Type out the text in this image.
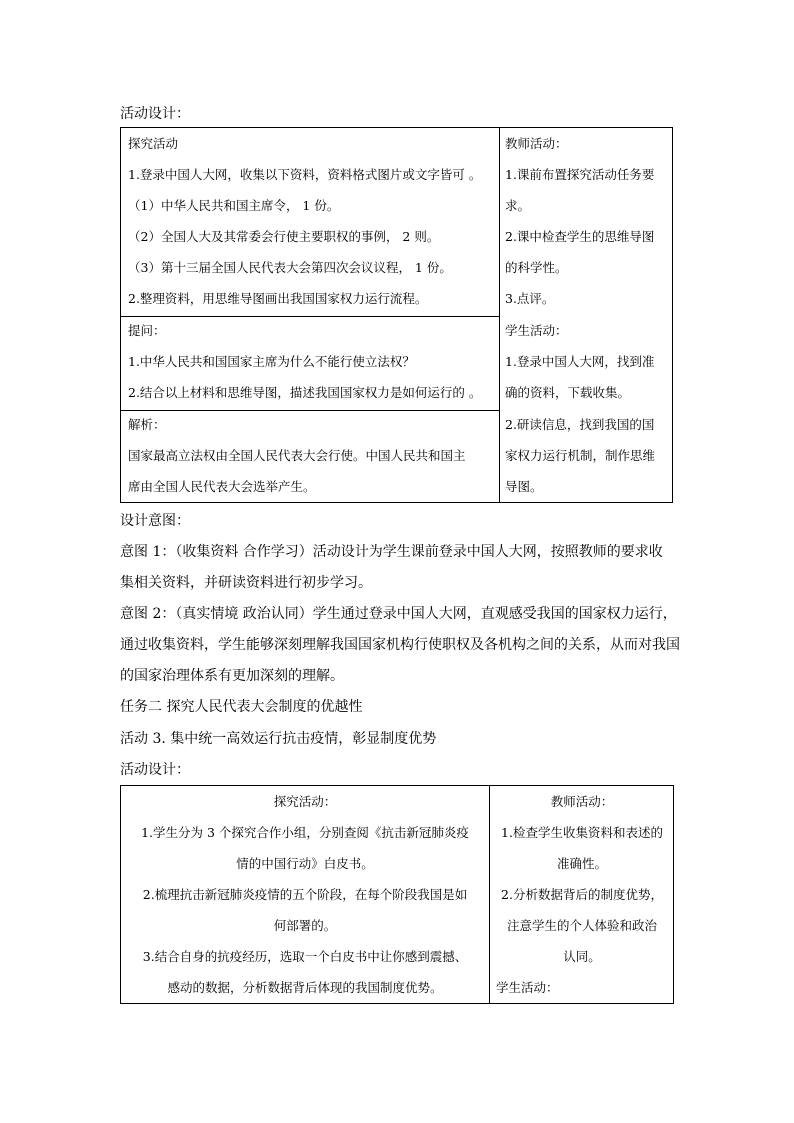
活动设计：
探究活动
1.登录中国人大网，收集以下资料，资料格式图片或文字皆可 。
（1）中华人民共和国主席令， 1 份。
（2）全国人大及其常委会行使主要职权的事例， 2 则。
（3）第十三届全国人民代表大会第四次会议议程， 1 份。
2.整理资料，用思维导图画出我国国家权力运行流程。
提问：
1.中华人民共和国国家主席为什么不能行使立法权？
2.结合以上材料和思维导图，描述我国国家权力是如何运行的 。
解析：
国家最高立法权由全国人民代表大会行使。中国人民共和国主
席由全国人民代表大会选举产生。
教师活动：
1.课前布置探究活动任务要
求。
2.课中检查学生的思维导图
的科学性。
3.点评。
学生活动：
1.登录中国人大网，找到准
确的资料，下载收集。
2.研读信息，找到我国的国
家权力运行机制，制作思维
导图。
设计意图：
意图 1：（收集资料 合作学习）活动设计为学生课前登录中国人大网，按照教师的要求收
集相关资料，并研读资料进行初步学习。
意图 2：（真实情境 政治认同）学生通过登录中国人大网，直观感受我国的国家权力运行，
通过收集资料，学生能够深刻理解我国国家机构行使职权及各机构之间的关系，从而对我国
的国家治理体系有更加深刻的理解。
任务二 探究人民代表大会制度的优越性
活动 3. 集中统一高效运行抗击疫情，彰显制度优势
活动设计：
探究活动：
1.学生分为 3 个探究合作小组，分别查阅《抗击新冠肺炎疫
情的中国行动》白皮书。
2.梳理抗击新冠肺炎疫情的五个阶段，在每个阶段我国是如
何部署的。
3.结合自身的抗疫经历，选取一个白皮书中让你感到震撼、
感动的数据，分析数据背后体现的我国制度优势。
教师活动：
1.检查学生收集资料和表述的
准确性。
2.分析数据背后的制度优势，
注意学生的个人体验和政治
认同。
学生活动：
